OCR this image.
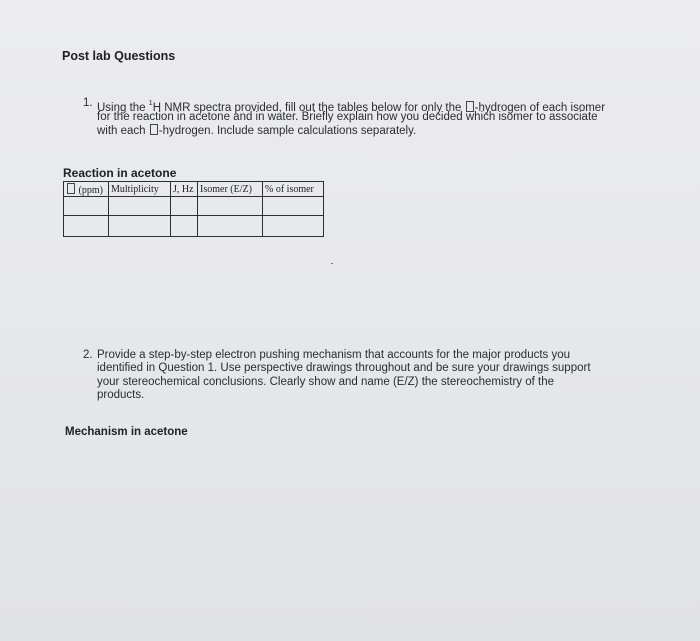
Post lab Questions
1. Using the $^1$H NMR spectra provided, fill out the tables below for only the -hydrogen of each isomer
for the reaction in acetone and in water. Briefly explain how you decided which isomer to associate
with each -hydrogen. Include sample calculations separately.
Reaction in acetone
(ppm)	Multiplicity	J, Hz	Isomer (E/Z)	% of isomer

2. Provide a step-by-step electron pushing mechanism that accounts for the major products you
identified in Question 1. Use perspective drawings throughout and be sure your drawings support
your stereochemical conclusions. Clearly show and name (E/Z) the stereochemistry of the
products.
Mechanism in acetone
